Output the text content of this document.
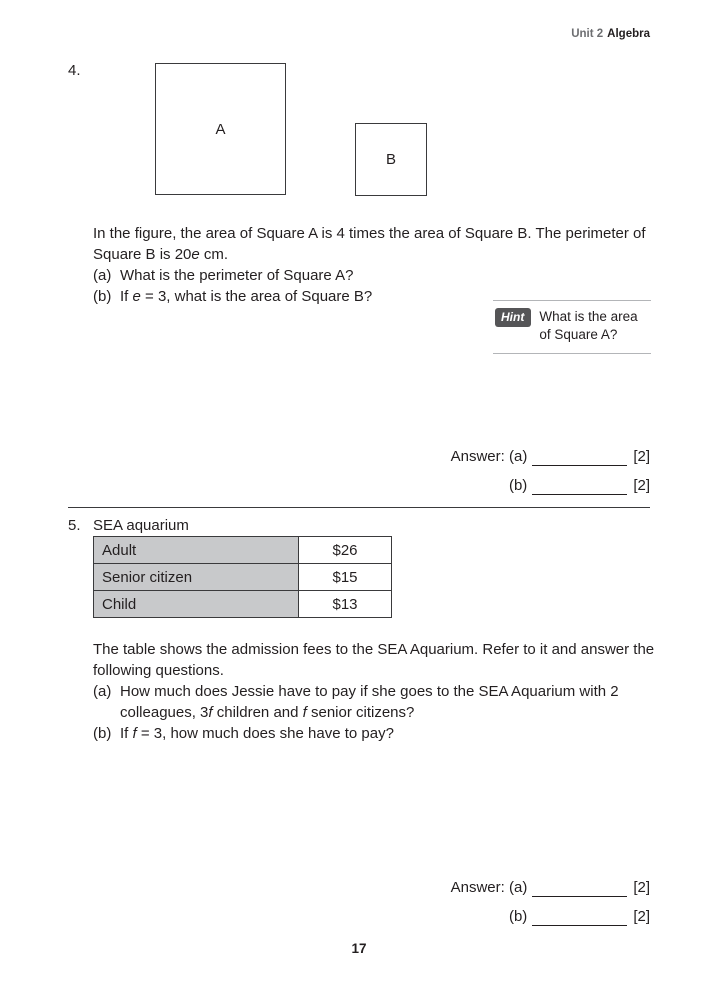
Unit 2 Algebra
4.
A
B
In the figure, the area of Square A is 4 times the area of Square B. The perimeter of
Square B is 20e cm.
(a) What is the perimeter of Square A?
(b) If e = 3, what is the area of Square B?
Hint	What is the area
of Square A?
Answer: (a)	[2]
(b)	[2]
5. SEA aquarium
Adult	$26
Senior citizen	$15
Child	$13
The table shows the admission fees to the SEA Aquarium. Refer to it and answer the
following questions.
(a) How much does Jessie have to pay if she goes to the SEA Aquarium with 2
colleagues, 3f children and f senior citizens?
(b) If f = 3, how much does she have to pay?
Answer: (a)	[2]
(b)	[2]
17
